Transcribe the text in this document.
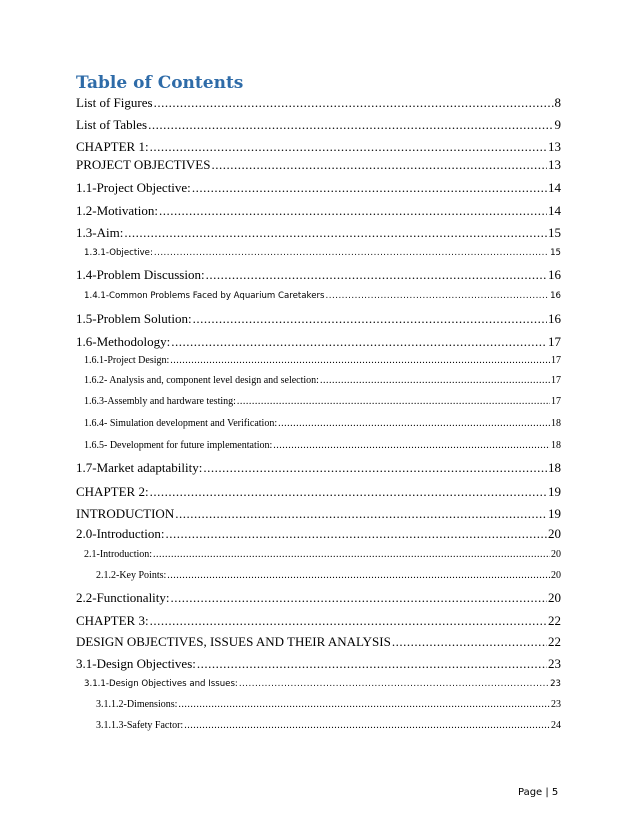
Table of Contents
List of Figures .....	8
List of Tables .....	9
CHAPTER 1: .....	13
PROJECT OBJECTIVES .....	13
1.1-Project Objective: .....	14
1.2-Motivation: .....	14
1.3-Aim: .....	15
1.3.1-Objective: .....	15
1.4-Problem Discussion: .....	16
1.4.1-Common Problems Faced by Aquarium Caretakers .....	16
1.5-Problem Solution: .....	16
1.6-Methodology: .....	17
1.6.1-Project Design: .....	17
1.6.2- Analysis and, component level design and selection: .....	17
1.6.3-Assembly and hardware testing: .....	17
1.6.4- Simulation development and Verification: .....	18
1.6.5- Development for future implementation: .....	18
1.7-Market adaptability: .....	18
CHAPTER 2: .....	19
INTRODUCTION .....	19
2.0-Introduction: .....	20
2.1-Introduction: .....	20
2.1.2-Key Points: .....	20
2.2-Functionality: .....	20
CHAPTER 3: .....	22
DESIGN OBJECTIVES, ISSUES AND THEIR ANALYSIS .....	22
3.1-Design Objectives: .....	23
3.1.1-Design Objectives and Issues: .....	23
3.1.1.2-Dimensions: .....	23
3.1.1.3-Safety Factor: .....	24
Page | 5
